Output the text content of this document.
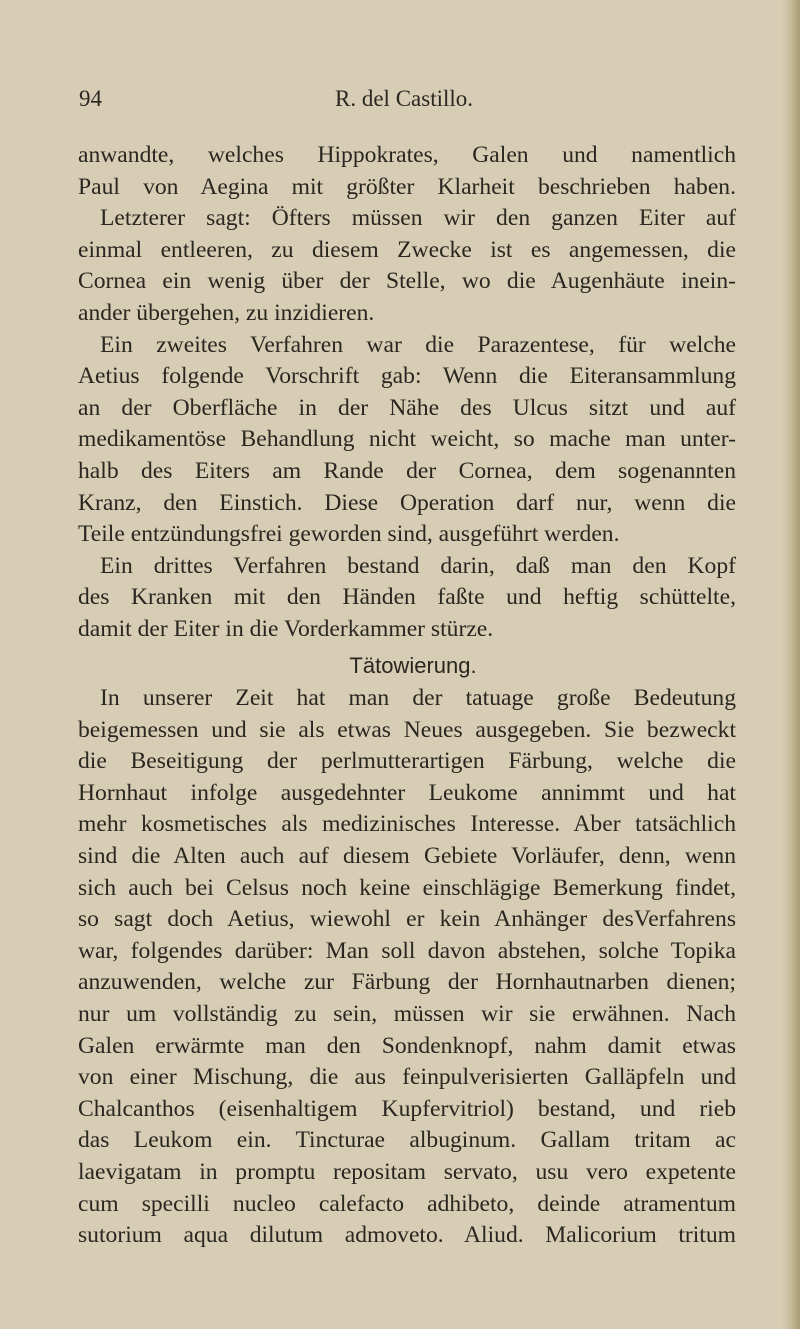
94	R. del Castillo.
anwandte, welches Hippokrates, Galen und namentlich
Paul von Aegina mit größter Klarheit beschrieben haben.
Letzterer sagt: Öfters müssen wir den ganzen Eiter auf
einmal entleeren, zu diesem Zwecke ist es angemessen, die
Cornea ein wenig über der Stelle, wo die Augenhäute inein-
ander übergehen, zu inzidieren.
Ein zweites Verfahren war die Parazentese, für welche
Aetius folgende Vorschrift gab: Wenn die Eiteransammlung
an der Oberfläche in der Nähe des Ulcus sitzt und auf
medikamentöse Behandlung nicht weicht, so mache man unter-
halb des Eiters am Rande der Cornea, dem sogenannten
Kranz, den Einstich. Diese Operation darf nur, wenn die
Teile entzündungsfrei geworden sind, ausgeführt werden.
Ein drittes Verfahren bestand darin, daß man den Kopf
des Kranken mit den Händen faßte und heftig schüttelte,
damit der Eiter in die Vorderkammer stürze.
Tätowierung.
In unserer Zeit hat man der tatuage große Bedeutung
beigemessen und sie als etwas Neues ausgegeben. Sie bezweckt
die Beseitigung der perlmutterartigen Färbung, welche die
Hornhaut infolge ausgedehnter Leukome annimmt und hat
mehr kosmetisches als medizinisches Interesse. Aber tatsächlich
sind die Alten auch auf diesem Gebiete Vorläufer, denn, wenn
sich auch bei Celsus noch keine einschlägige Bemerkung findet,
so sagt doch Aetius, wiewohl er kein Anhänger desVerfahrens
war, folgendes darüber: Man soll davon abstehen, solche Topika
anzuwenden, welche zur Färbung der Hornhautnarben dienen;
nur um vollständig zu sein, müssen wir sie erwähnen. Nach
Galen erwärmte man den Sondenknopf, nahm damit etwas
von einer Mischung, die aus feinpulverisierten Galläpfeln und
Chalcanthos (eisenhaltigem Kupfervitriol) bestand, und rieb
das Leukom ein. Tincturae albuginum. Gallam tritam ac
laevigatam in promptu repositam servato, usu vero expetente
cum specilli nucleo calefacto adhibeto, deinde atramentum
sutorium aqua dilutum admoveto. Aliud. Malicorium tritum
